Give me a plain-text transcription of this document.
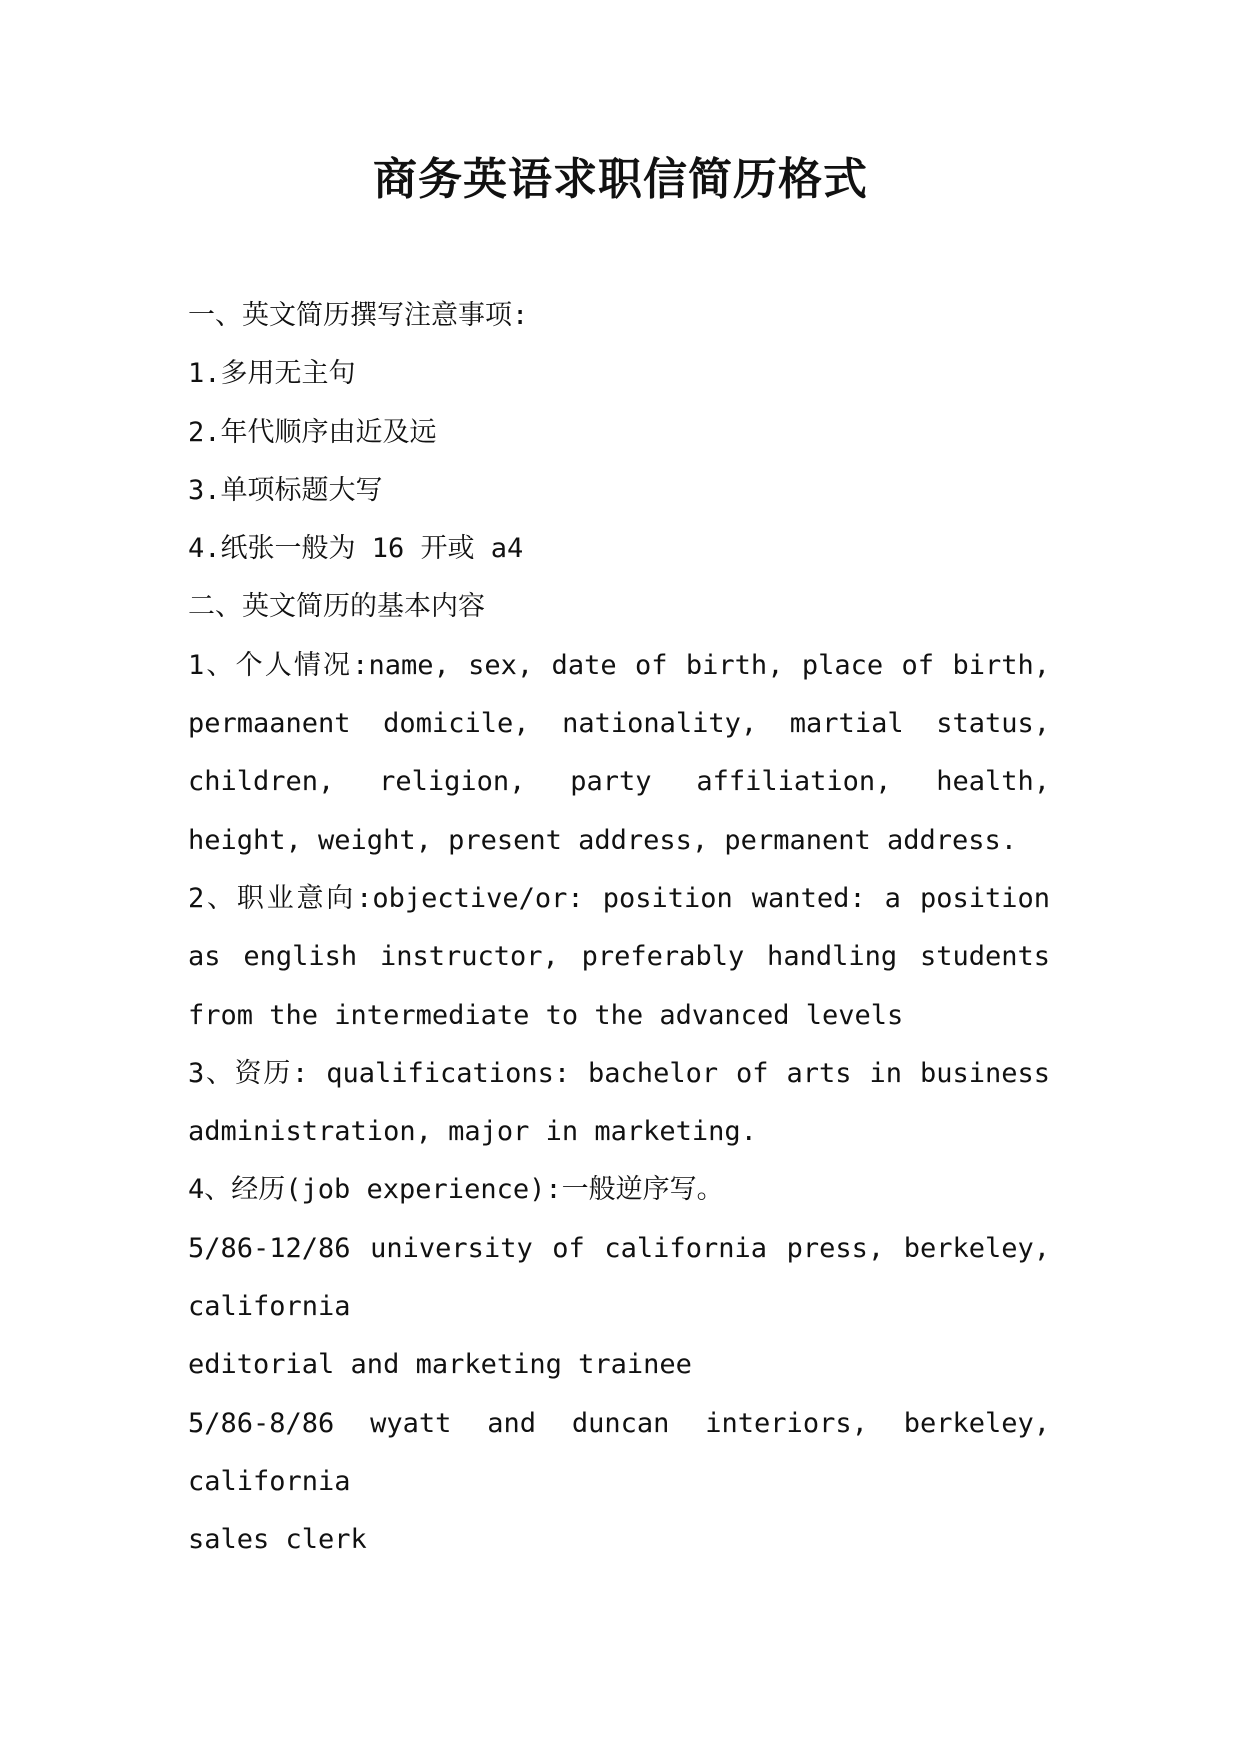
商务英语求职信简历格式
一、英文简历撰写注意事项:
1.多用无主句
2.年代顺序由近及远
3.单项标题大写
4.纸张一般为 16 开或 a4
二、英文简历的基本内容
1、个人情况:name, sex, date of birth, place of birth,
permaanent domicile, nationality, martial status,
children, religion, party affiliation, health,
height, weight, present address, permanent address.
2、职业意向:objective/or: position wanted: a position
as english instructor, preferably handling students
from the intermediate to the advanced levels
3、资历: qualifications: bachelor of arts in business
administration, major in marketing.
4、经历(job experience):一般逆序写。
5/86-12/86 university of california press, berkeley,
california
editorial and marketing trainee
5/86-8/86 wyatt and duncan interiors, berkeley,
california
sales clerk
